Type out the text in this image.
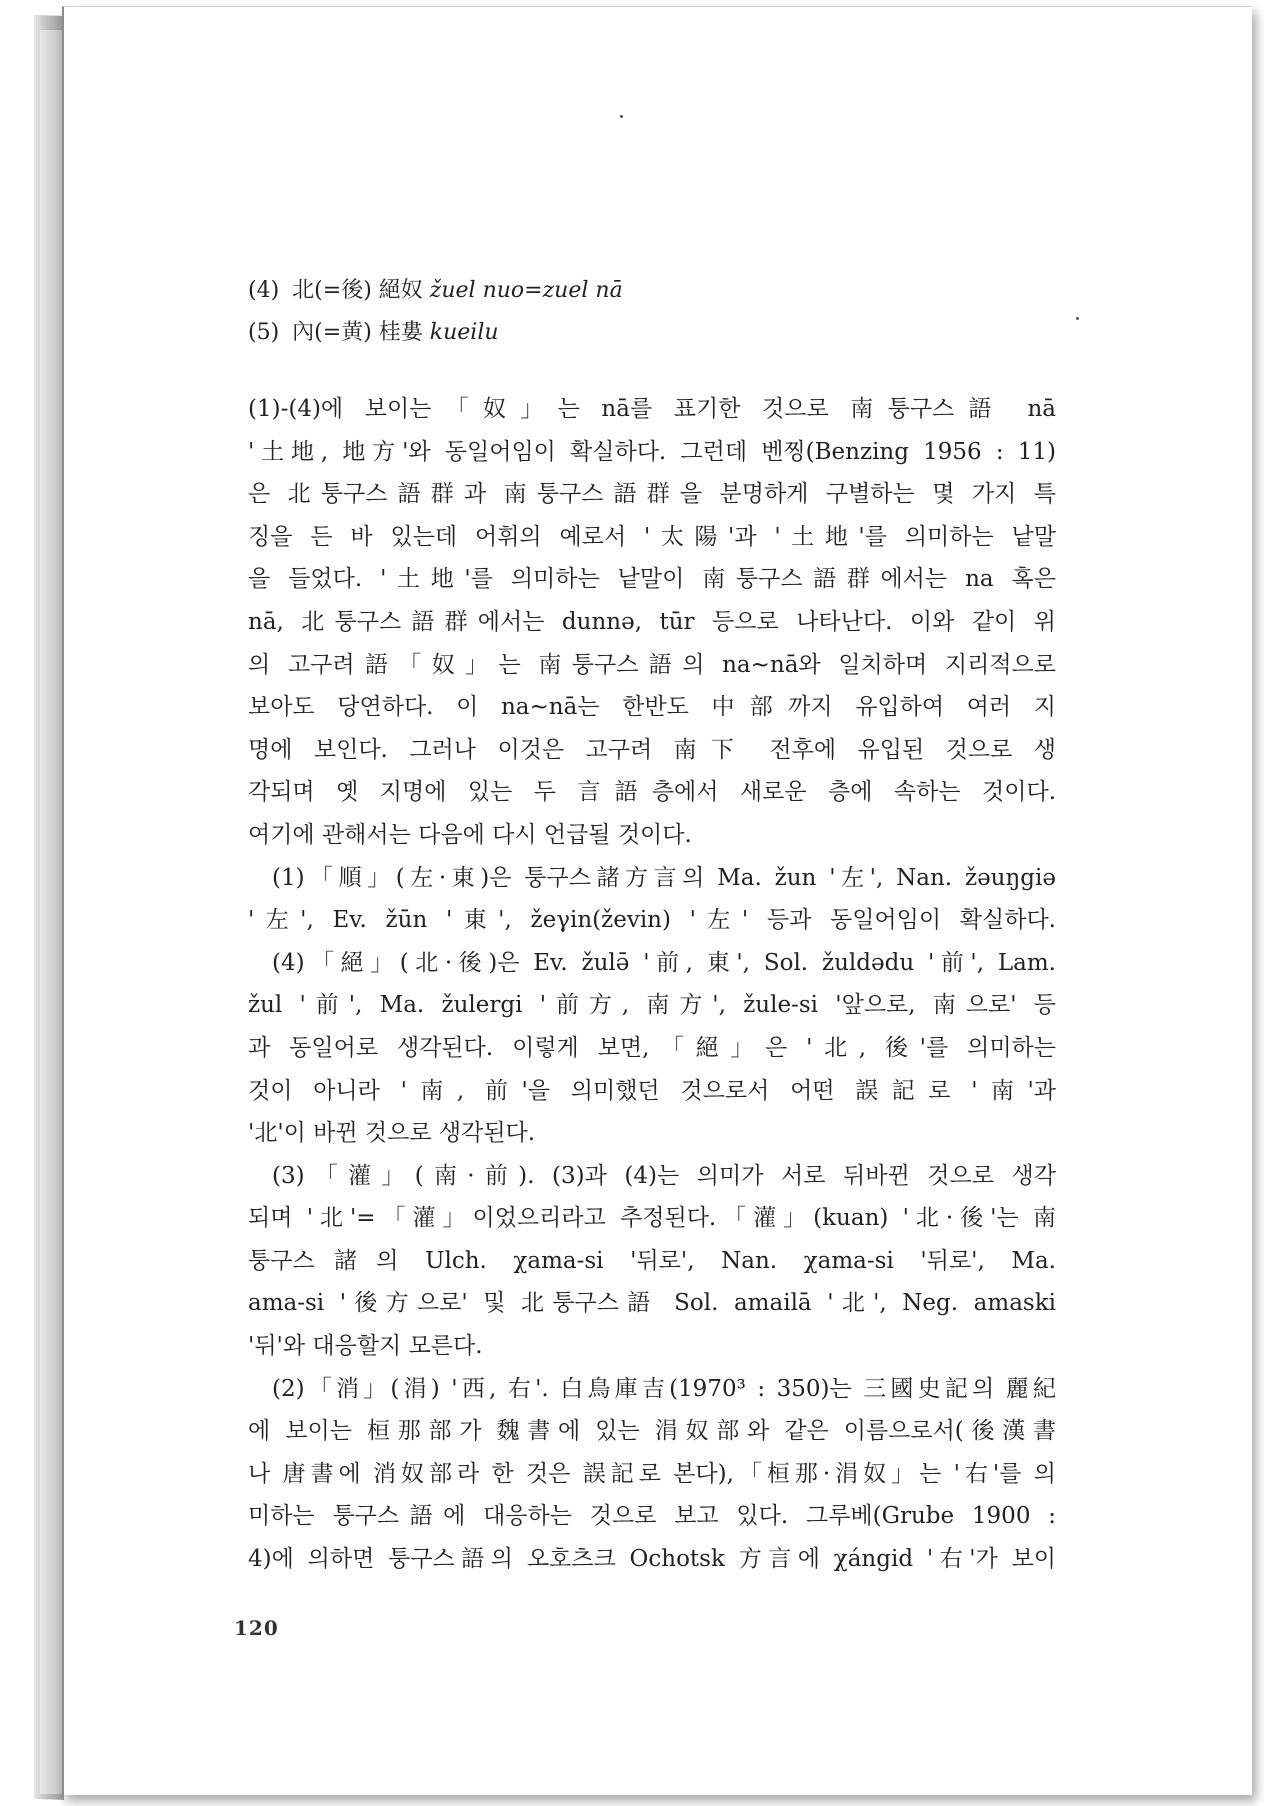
(4) 北(=後) 絕奴 žuel nuo=zuel nā
(5) 內(=黄) 桂婁 kueilu
(1)-(4)에 보이는「奴」는 nā를 표기한 것으로 南퉁구스語 nā
'土地, 地方'와 동일어임이 확실하다. 그런데 벤찡(Benzing 1956 : 11)
은 北퉁구스語群과 南퉁구스語群을 분명하게 구별하는 몇 가지 특
징을 든 바 있는데 어휘의 예로서 '太陽'과 '土地'를 의미하는 낱말
을 들었다. '土地'를 의미하는 낱말이 南퉁구스語群에서는 na 혹은
nā, 北퉁구스語群에서는 dunnə, tūr 등으로 나타난다. 이와 같이 위
의 고구려語「奴」는 南퉁구스語의 na∼nā와 일치하며 지리적으로
보아도 당연하다. 이 na∼nā는 한반도 中部까지 유입하여 여러 지
명에 보인다. 그러나 이것은 고구려 南下 전후에 유입된 것으로 생
각되며 옛 지명에 있는 두 言語층에서 새로운 층에 속하는 것이다.
여기에 관해서는 다음에 다시 언급될 것이다.
(1)「順」(左·東)은 퉁구스諸方言의 Ma. žun '左', Nan. žəuŋgiə
'左', Ev. žūn '東', žeγin(ževin) '左' 등과 동일어임이 확실하다.
(4)「絕」(北·後)은 Ev. žulə̄ '前, 東', Sol. žuldədu '前', Lam.
žul '前', Ma. žulergi '前方, 南方', žule-si '앞으로, 南으로' 등
과 동일어로 생각된다. 이렇게 보면,「絕」은 '北, 後'를 의미하는
것이 아니라 '南, 前'을 의미했던 것으로서 어떤 誤記로 '南'과
'北'이 바뀐 것으로 생각된다.
(3)「灌」(南·前). (3)과 (4)는 의미가 서로 뒤바뀐 것으로 생각
되며 '北'=「灌」이었으리라고 추정된다.「灌」(kuan) '北·後'는 南
퉁구스諸의 Ulch. χama-si '뒤로', Nan. χama-si '뒤로', Ma.
ama-si '後方으로' 및 北퉁구스語 Sol. amailā '北', Neg. amaski
'뒤'와 대응할지 모른다.
(2)「消」(涓) '西, 右'. 白鳥庫吉(1970³ : 350)는 三國史記의 麗紀
에 보이는 桓那部가 魏書에 있는 涓奴部와 같은 이름으로서(後漢書
나 唐書에 消奴部라 한 것은 誤記로 본다),「桓那·涓奴」는 '右'를 의
미하는 퉁구스語에 대응하는 것으로 보고 있다. 그루베(Grube 1900 :
4)에 의하면 퉁구스語의 오호츠크 Ochotsk 方言에 χángid '右'가 보이
120
